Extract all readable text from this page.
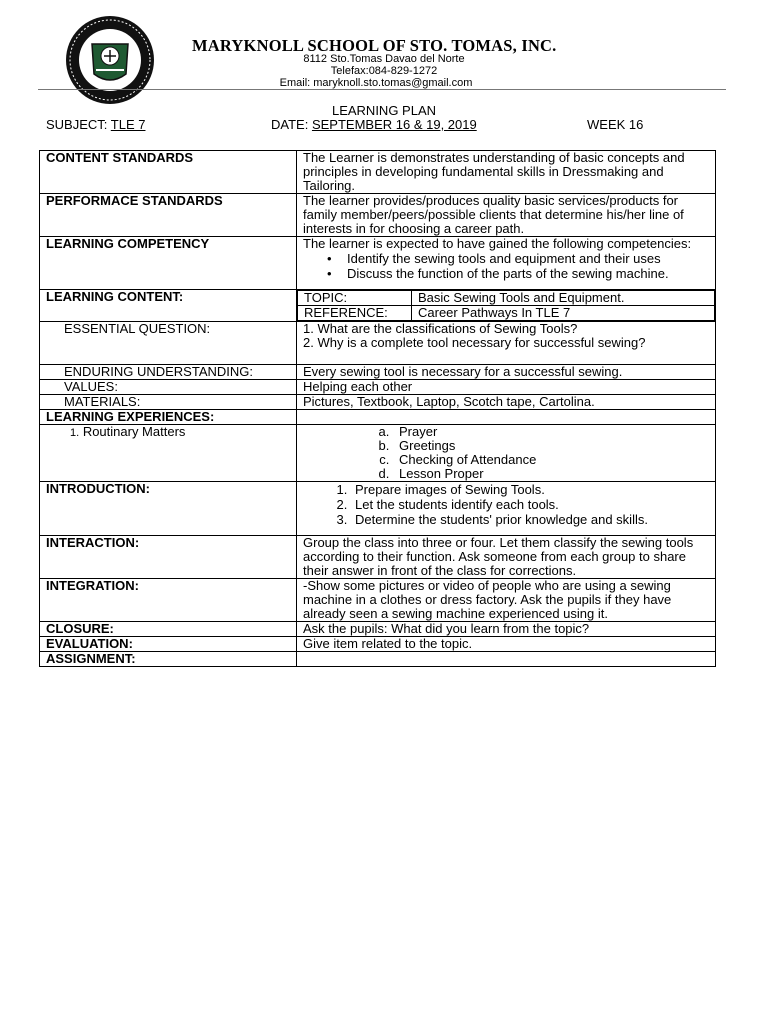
MARYKNOLL SCHOOL OF STO. TOMAS, INC.
8112 Sto.Tomas Davao del Norte
Telefax:084-829-1272
Email: maryknoll.sto.tomas@gmail.com
LEARNING PLAN
SUBJECT: TLE 7	DATE: SEPTEMBER 16 & 19, 2019	WEEK 16
CONTENT STANDARDS	The Learner is demonstrates understanding of basic concepts and principles in developing fundamental skills in Dressmaking and Tailoring.
PERFORMACE STANDARDS	The learner provides/produces quality basic services/products for family member/peers/possible clients that determine his/her line of interests in for choosing a career path.
LEARNING COMPETENCY	The learner is expected to have gained the following competencies:
• Identify the sewing tools and equipment and their uses
• Discuss the function of the parts of the sewing machine.

LEARNING CONTENT:		TOPIC:	Basic Sewing Tools and Equipment.
REFERENCE:	Career Pathways In TLE 7

ESSENTIAL QUESTION:	1. What are the classifications of Sewing Tools?
2. Why is a complete tool necessary for successful sewing?

ENDURING UNDERSTANDING:	Every sewing tool is necessary for a successful sewing.
VALUES:	Helping each other
MATERIALS:	Pictures, Textbook, Laptop, Scotch tape, Cartolina.
LEARNING EXPERIENCES:	
1. Routinary Matters	
a.Prayer
b. Greetings
c. Checking of Attendance
d. Lesson Proper

INTRODUCTION:	
1.Prepare images of Sewing Tools.
2. Let the students identify each tools.
3. Determine the students' prior knowledge and skills.

INTERACTION:	Group the class into three or four. Let them classify the sewing tools according to their function. Ask someone from each group to share their answer in front of the class for corrections.
INTEGRATION:	-Show some pictures or video of people who are using a sewing machine in a clothes or dress factory. Ask the pupils if they have already seen a sewing machine experienced using it.
CLOSURE:	Ask the pupils: What did you learn from the topic?
EVALUATION:	Give item related to the topic.
ASSIGNMENT:	
